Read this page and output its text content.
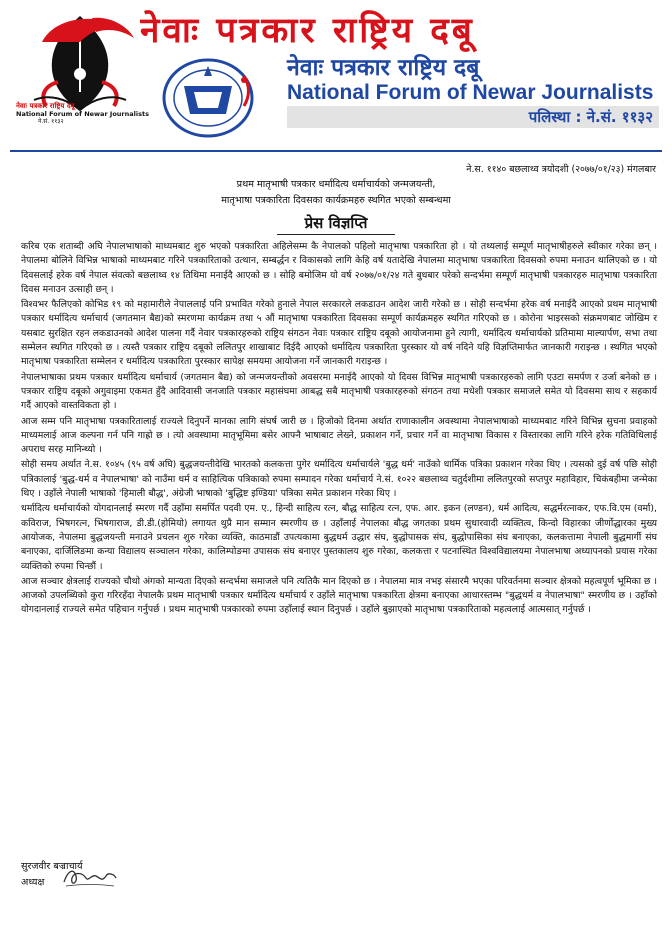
नेवाः पत्रकार राष्ट्रिय दबू
National Forum of Newar Journalists
ने.सं. ११३२
नेवाः पत्रकार राष्ट्रिय दबू
नेवाः पत्रकार राष्ट्रिय दबू
National Forum of Newar Journalists
पलिस्था : ने.सं. ११३२
ने.स. ११४० बछलाथ्व त्रयोदशी (२०७७/०१/२३) मंगलबार
प्रथम मातृभाषी पत्रकार धर्मादित्य धर्माचार्यको जन्मजयन्ती,
मातृभाषा पत्रकारिता दिवसका कार्यक्रमहरु स्थगित भएको सम्बन्धमा
प्रेस विज्ञप्ति

करिब एक शताब्दी अघि नेपालभाषाको माध्यमबाट शुरु भएको पत्रकारिता अहिलेसम्म कै नेपालको पहिलो मातृभाषा पत्रकारिता हो । यो तथ्यलाई सम्पूर्ण मातृभाषीहरुले स्वीकार गरेका छन् । नेपालमा बोलिने विभिन्न भाषाको माध्यमबाट गरिने पत्रकारिताको उत्थान, सम्बर्द्धन र विकासको लागि केहि वर्ष यतादेखि नेपालमा मातृभाषा पत्रकारिता दिवसको रुपमा मनाउन थालिएको छ । यो दिवसलाई हरेक वर्ष नेपाल संवत्को बछलाथ्व १४ तिथिमा मनाईदै आएको छ । सोहि बमोजिम यो वर्ष २०७७/०१/२४ गते बुधबार परेको सन्दर्भमा सम्पूर्ण मातृभाषी पत्रकारहरु मातृभाषा पत्रकारिता दिवस मनाउन उत्साही छन् ।

विश्वभर फैलिएको कोभिड १९ को महामारीले नेपाललाई पनि प्रभावित गरेको हुनाले नेपाल सरकारले लकडाउन आदेश जारी गरेको छ । सोही सन्दर्भमा हरेक वर्ष मनाईदै आएको प्रथम मातृभाषी पत्रकार धर्मादित्य धर्माचार्य (जगतमान बैद्य)को स्मरणमा कार्यक्रम तथा ५ औं मातृभाषा पत्रकारिता दिवसका सम्पूर्ण कार्यक्रमहरु स्थगित गरिएको छ । कोरोना भाइरसको संक्रमणबाट जोखिम र यसबाट सुरक्षित रहन लकडाउनको आदेश पालना गर्दै नेवार पत्रकारहरुको राष्ट्रिय संगठन नेवाः पत्रकार राष्ट्रिय दबूको आयोजनामा हुने त्यागी, धर्मादित्य धर्माचार्यको प्रतिमामा माल्यार्पण, सभा तथा सम्मेलन स्थगित गरिएको छ । त्यस्तै पत्रकार राष्ट्रिय दबूको ललितपुर शाखाबाट दिईदै आएको धर्मादित्य पत्रकारिता पुरस्कार यो वर्ष नदिने यहि विज्ञप्तिमार्फत जानकारी गराइन्छ । स्थगित भएको मातृभाषा पत्रकारिता सम्मेलन र धर्मादित्य पत्रकारिता पुरस्कार सापेक्ष समयमा आयोजना गर्ने जानकारी गराइन्छ ।

नेपालभाषाका प्रथम पत्रकार धर्मादित्य धर्माचार्य (जगतमान बैद्य) को जन्मजयन्तीको अवसरमा मनाईदै आएको यो दिवस विभिन्न मातृभाषी पत्रकारहरुको लागि एउटा समर्पण र उर्जा बनेको छ । पत्रकार राष्ट्रिय दबूको अगुवाइमा एकमत हुँदै आदिवासी जनजाति पत्रकार महासंघमा आबद्ध सबै मातृभाषी पत्रकारहरुको संगठन तथा मधेशी पत्रकार समाजले समेत यो दिवसमा साथ र सहकार्य गर्दै आएको वास्तविकता हो ।

आज सम्म पनि मातृभाषा पत्रकारितालाई राज्यले दिनुपर्ने मानका लागि संघर्ष जारी छ । हिजोको दिनमा अर्थात राणाकालीन अवस्थामा नेपालभाषाको माध्यमबाट गरिने विभिन्न सुचना प्रवाहको माध्यमलाई आज कल्पना गर्न पनि गाह्रो छ । त्यो अवस्थामा मातृभूमिमा बसेर आफ्नै भाषाबाट लेख्ने, प्रकाशन गर्ने, प्रचार गर्ने वा मातृभाषा विकास र विस्तारका लागि गरिने हरेक गतिविधिलाई अपराध सरह मानिन्थ्यो ।

सोही समय अर्थात ने.स. १०४५ (९५ वर्ष अघि) बुद्धजयन्तीदेखि भारतको कलकत्ता पुगेर धर्मादित्य धर्माचार्यले 'बुद्ध धर्म' नाउँको धार्मिक पत्रिका प्रकाशन गरेका थिए । त्यसको दुई वर्ष पछि सोही पत्रिकालाई 'बुद्ध-धर्म व नेपालभाषा' को नाउँमा धर्म व साहित्यिक पत्रिकाको रुपमा सम्पादन गरेका धर्माचार्य ने.सं. १०२२ बछलाथ्व चतुर्दशीमा ललितपुरको सप्तपुर महाविहार, चिकंबहीमा जन्मेका थिए । उहाँले नेपाली भाषाको 'हिमाली बौद्ध', अंग्रेजी भाषाको 'बुद्धिष्ट इण्डिया' पत्रिका समेत प्रकाशन गरेका थिए ।

धर्मादित्य धर्माचार्यको योगदानलाई स्मरण गर्दै उहाँमा समर्पित पदवी एम. ए., हिन्दी साहित्य रत्न, बौद्ध साहित्य रत्न, एफ. आर. इकन (लण्डन), धर्म आदित्य, सद्धर्मरत्नाकर, एफ.वि.एम (वर्मा), कविराज, भिषगरत्न, भिषगाराज, डी.डी.(होमियो) लगायत थुप्रै मान सम्मान स्मरणीय छ । उहाँलाई नेपालका बौद्ध जगतका प्रथम सुधारवादी व्यक्तित्व, किन्दो विहारका जीर्णोद्धारका मुख्य आयोजक, नेपालमा बुद्धजयन्ती मनाउने प्रचलन शुरु गरेका व्यक्ति, काठमाडौं उपत्यकामा बुद्धधर्म उद्धार संघ, बुद्धोपासक संघ, बुद्धोपासिका संघ बनाएका, कलकत्तामा नेपाली बुद्धमार्गी संघ बनाएका, दार्जिलिङमा कन्या विद्यालय सञ्चालन गरेका, कालिम्पोङमा उपासक संघ बनाएर पुस्तकालय शुरु गरेका, कलकत्ता र पटनास्थित विश्वविद्यालयमा नेपालभाषा अध्यापनको प्रयास गरेका व्यक्तिको रुपमा चिन्छौं ।

आज सञ्चार क्षेत्रलाई राज्यको चौथो अंगको मान्यता दिएको सन्दर्भमा समाजले पनि त्यतिकै मान दिएको छ । नेपालमा मात्र नभइ संसारमै भएका परिवर्तनमा सञ्चार क्षेत्रको महत्वपूर्ण भूमिका छ । आजको उपलब्धिको कुरा गरिरहँदा नेपालकै प्रथम मातृभाषी पत्रकार धर्मादित्य धर्माचार्य र उहाँले मातृभाषा पत्रकारिता क्षेत्रमा बनाएका आधारस्तम्भ "बुद्धधर्म व नेपालभाषा" स्मरणीय छ । उहाँको योगदानलाई राज्यले समेत पहिचान गर्नुपर्छ । प्रथम मातृभाषी पत्रकारको रुपमा उहाँलाई स्थान दिनुपर्छ । उहाँले बुझाएको मातृभाषा पत्रकारिताको महत्वलाई आत्मसात् गर्नुपर्छ ।

सुरजवीर बज्राचार्य
अध्यक्ष
